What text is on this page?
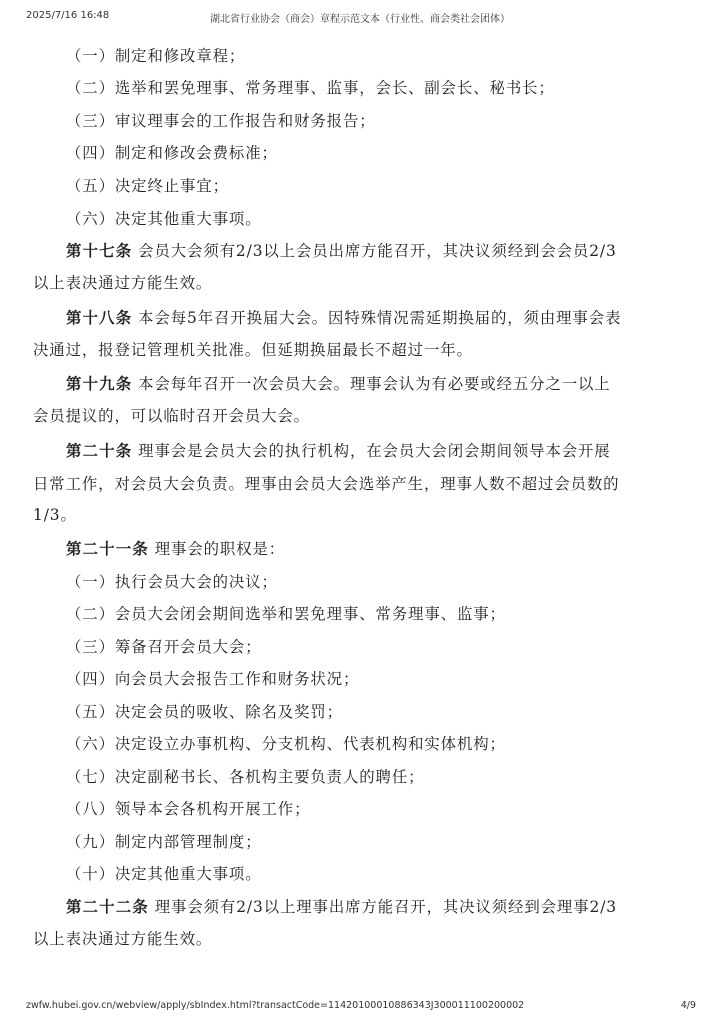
2025/7/16 16:48	湖北省行业协会（商会）章程示范文本（行业性、商会类社会团体）
（一）制定和修改章程；
（二）选举和罢免理事、常务理事、监事，会长、副会长、秘书长；
（三）审议理事会的工作报告和财务报告；
（四）制定和修改会费标准；
（五）决定终止事宜；
（六）决定其他重大事项。
第十七条 会员大会须有2/3以上会员出席方能召开，其决议须经到会会员2/3
以上表决通过方能生效。
第十八条 本会每5年召开换届大会。因特殊情况需延期换届的，须由理事会表
决通过，报登记管理机关批准。但延期换届最长不超过一年。
第十九条 本会每年召开一次会员大会。理事会认为有必要或经五分之一以上
会员提议的，可以临时召开会员大会。
第二十条 理事会是会员大会的执行机构，在会员大会闭会期间领导本会开展
日常工作，对会员大会负责。理事由会员大会选举产生，理事人数不超过会员数的
1/3。
第二十一条 理事会的职权是：
（一）执行会员大会的决议；
（二）会员大会闭会期间选举和罢免理事、常务理事、监事；
（三）筹备召开会员大会；
（四）向会员大会报告工作和财务状况；
（五）决定会员的吸收、除名及奖罚；
（六）决定设立办事机构、分支机构、代表机构和实体机构；
（七）决定副秘书长、各机构主要负责人的聘任；
（八）领导本会各机构开展工作；
（九）制定内部管理制度；
（十）决定其他重大事项。
第二十二条 理事会须有2/3以上理事出席方能召开，其决议须经到会理事2/3
以上表决通过方能生效。
zwfw.hubei.gov.cn/webview/apply/sbIndex.html?transactCode=11420100010886343J300011100200002	4/9
